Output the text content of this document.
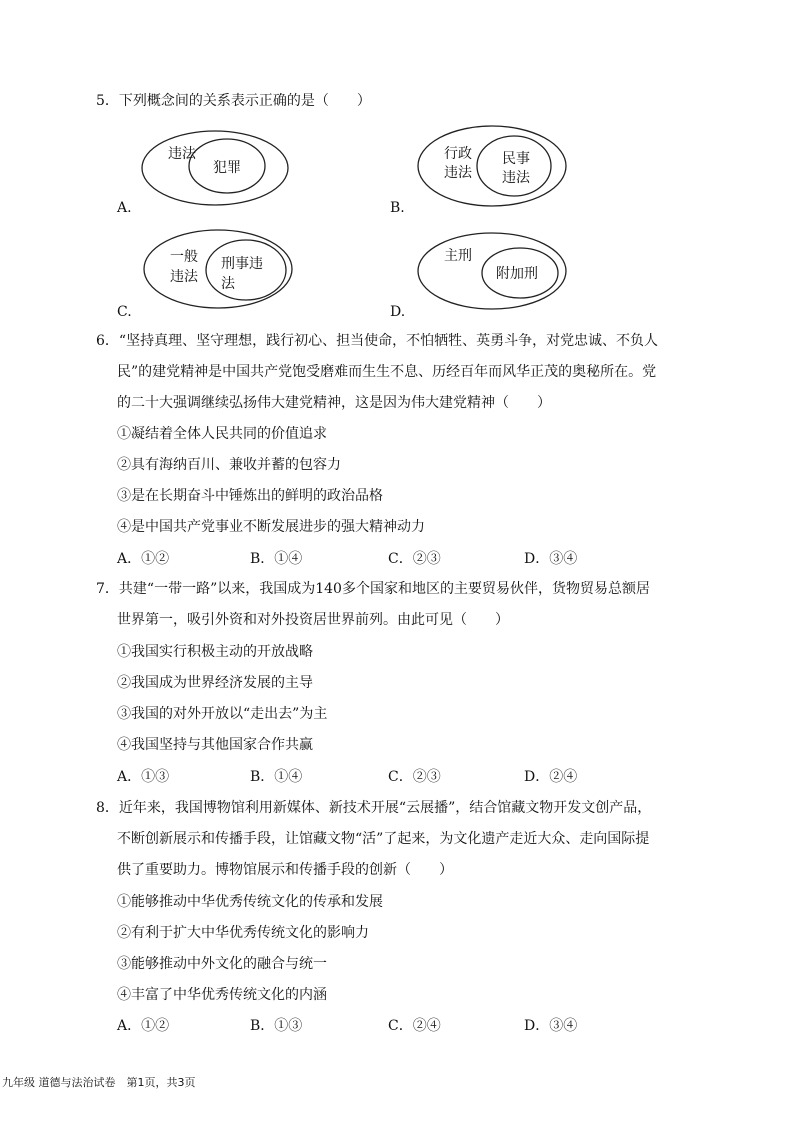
5．下列概念间的关系表示正确的是（　　）
违法
犯罪
A.
行政
违法
民事
违法
B.
一般
违法
刑事违
法
C.
主刑
附加刑
D.
6．“坚持真理、坚守理想，践行初心、担当使命，不怕牺牲、英勇斗争，对党忠诚、不负人
民”的建党精神是中国共产党饱受磨难而生生不息、历经百年而风华正茂的奥秘所在。党
的二十大强调继续弘扬伟大建党精神，这是因为伟大建党精神（　　）
①凝结着全体人民共同的价值追求
②具有海纳百川、兼收并蓄的包容力
③是在长期奋斗中锤炼出的鲜明的政治品格
④是中国共产党事业不断发展进步的强大精神动力
A．①②	B．①④	C．②③	D．③④
7．共建“一带一路”以来，我国成为140多个国家和地区的主要贸易伙伴，货物贸易总额居
世界第一，吸引外资和对外投资居世界前列。由此可见（　　）
①我国实行积极主动的开放战略
②我国成为世界经济发展的主导
③我国的对外开放以“走出去”为主
④我国坚持与其他国家合作共赢
A．①③	B．①④	C．②③	D．②④
8．近年来，我国博物馆利用新媒体、新技术开展“云展播”，结合馆藏文物开发文创产品，
不断创新展示和传播手段，让馆藏文物“活”了起来，为文化遗产走近大众、走向国际提
供了重要助力。博物馆展示和传播手段的创新（　　）
①能够推动中华优秀传统文化的传承和发展
②有利于扩大中华优秀传统文化的影响力
③能够推动中外文化的融合与统一
④丰富了中华优秀传统文化的内涵
A．①②	B．①③	C．②④	D．③④
九年级 道德与法治试卷　第1页，共3页
